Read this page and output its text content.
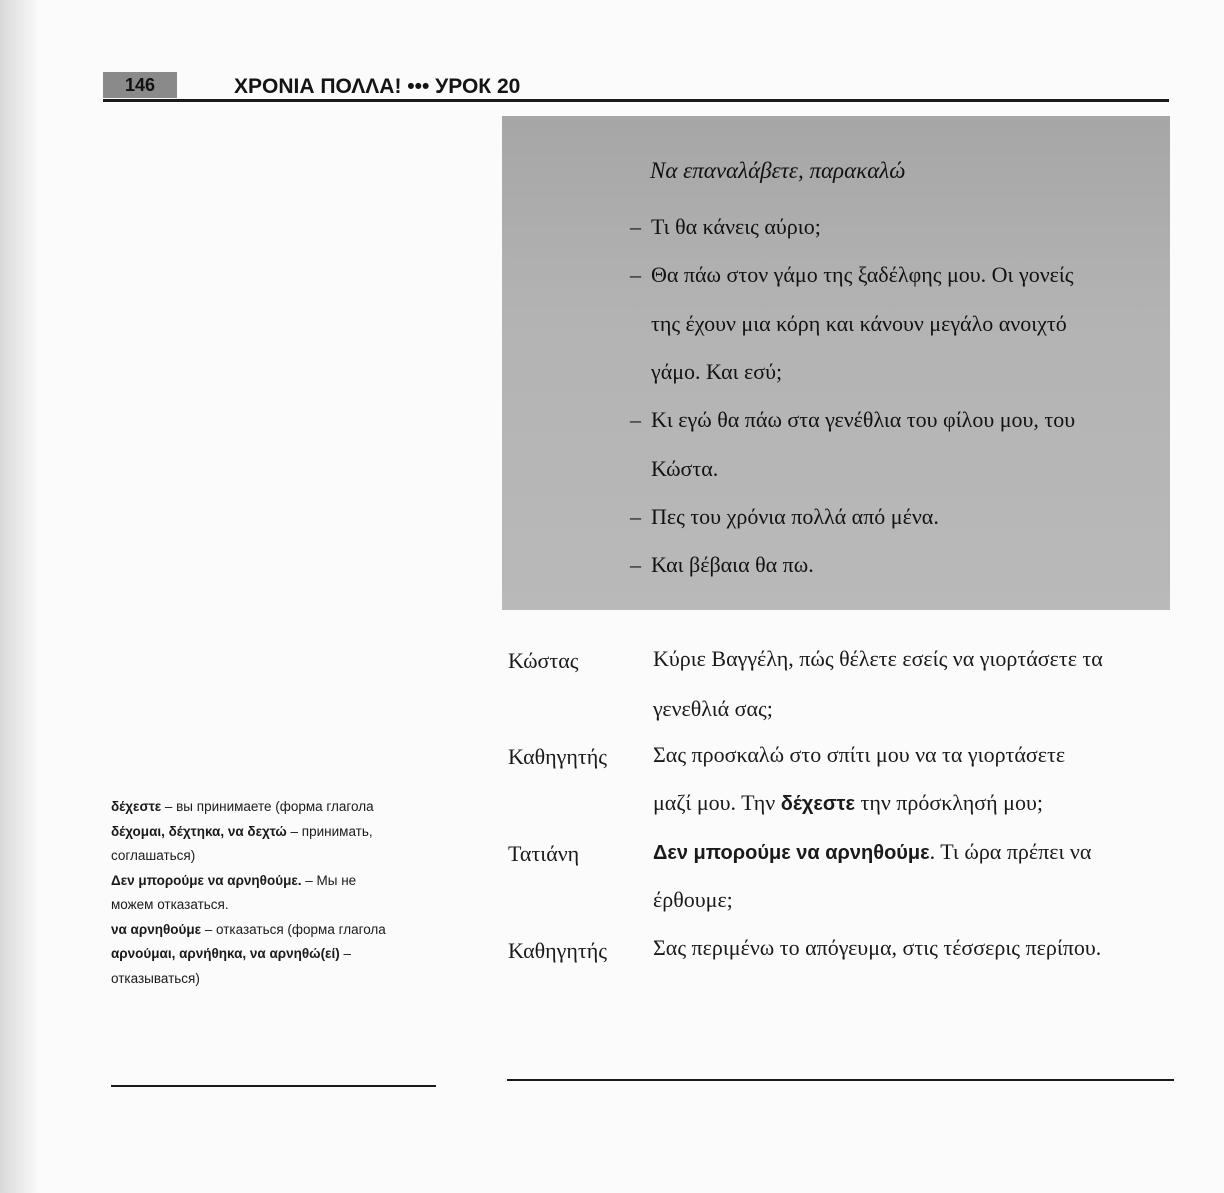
146	ΧΡΟΝΙΑ ΠΟΛΛΑ! ••• УРОК 20
Να επαναλάβετε, παρακαλώ
– Τι θα κάνεις αύριο;
– Θα πάω στον γάμο της ξαδέλφης μου. Οι γονείς
της έχουν μια κόρη και κάνουν μεγάλο ανοιχτό
γάμο. Και εσύ;
– Κι εγώ θα πάω στα γενέθλια του φίλου μου, του
Κώστα.
– Πες του χρόνια πολλά από μένα.
– Και βέβαια θα πω.
δέχεστε – вы принимаете (форма глагола
δέχομαι, δέχτηκα, να δεχτώ – принимать,
соглашаться)
Δεν μπορούμε να αρνηθούμε. – Мы не
можем отказаться.
να αρνηθούμε – отказаться (форма глагола
αρνούμαι, αρνήθηκα, να αρνηθώ(εί) –
отказываться)
Κώστας	Κύριε Βαγγέλη, πώς θέλετε εσείς να γιορτάσετε τα
γενεθλιά σας;
Καθηγητής Σας προσκαλώ στο σπίτι μου να τα γιορτάσετε
μαζί μου. Την δέχεστε την πρόσκλησή μου;
Τατιάνη	Δεν μπορούμε να αρνηθούμε. Τι ώρα πρέπει να
έρθουμε;
Καθηγητής Σας περιμένω το απόγευμα, στις τέσσερις περίπου.
